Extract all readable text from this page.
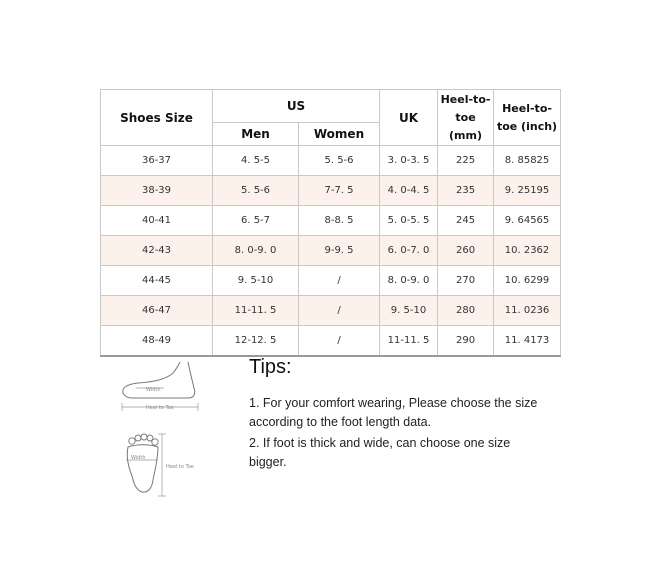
Shoes Size	US		UK	Heel-to-toe (mm)	Heel-to-toe (inch)
	Men	Women			
36-37	4. 5-5	5. 5-6	3. 0-3. 5	225	8. 85825
38-39	5. 5-6	7-7. 5	4. 0-4. 5	235	9. 25195
40-41	6. 5-7	8-8. 5	5. 0-5. 5	245	9. 64565
42-43	8. 0-9. 0	9-9. 5	6. 0-7. 0	260	10. 2362
44-45	9. 5-10	/	8. 0-9. 0	270	10. 6299
46-47	11-11. 5	/	9. 5-10	280	11. 0236
48-49	12-12. 5	/	11-11. 5	290	11. 4173
Width
Heel to Toe
Width
Heel to Toe
Tips:
1. For your comfort wearing, Please choose the size according to the foot length data.
2. If foot is thick and wide, can choose one size bigger.
